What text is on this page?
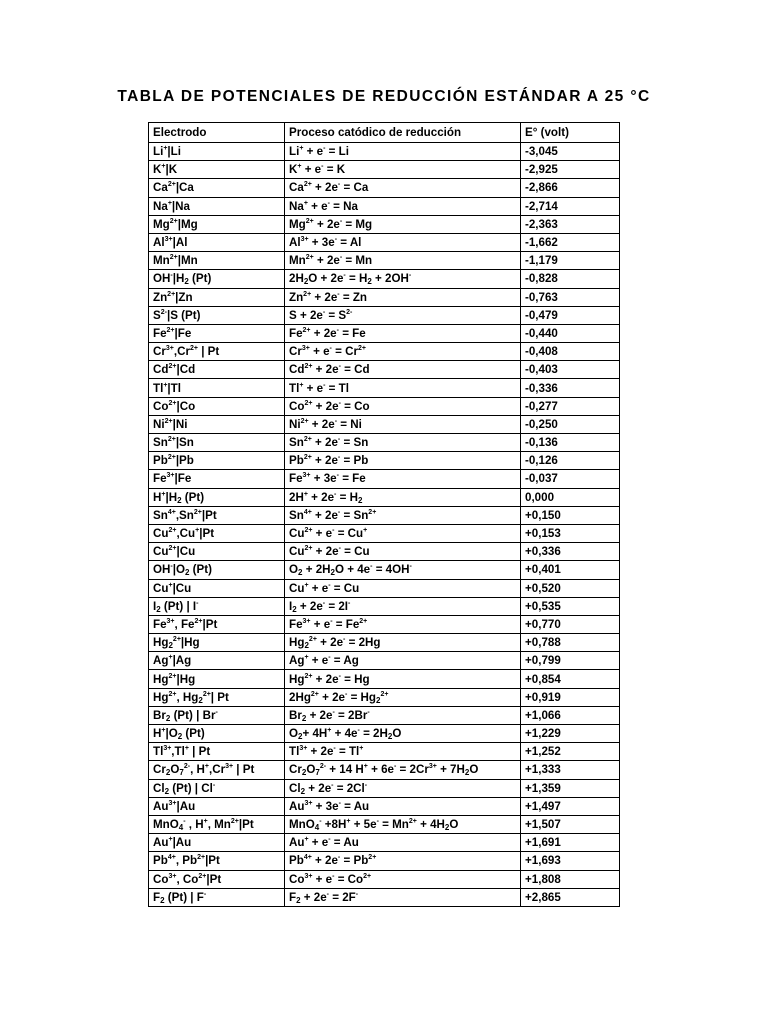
TABLA DE POTENCIALES DE REDUCCIÓN ESTÁNDAR A 25 °C
Electrodo	Proceso catódico de reducción	E° (volt)
Li+|Li	Li+ + e- = Li	-3,045
K+|K	K+ + e- = K	-2,925
$Ca^{2+}|Ca$	$Ca^{2+} + 2e^- = Ca$	-2,866
Na+|Na	Na+ + e- = Na	-2,714
$Mg^{2+}|Mg$	$Mg^{2+} + 2e^- = Mg$	-2,363
$Al^{3+}|Al$	$Al^{3+} + 3e^- = Al$	-1,662
$Mn^{2+}|Mn$	$Mn^{2+} + 2e^- = Mn$	-1,179
$OH^-|H_2$ (Pt)	$2H_2O + 2e^- = H_2 + 2OH^-$	-0,828
$Zn^{2+}|Zn$	$Zn^{2+} + 2e^- = Zn$	-0,763
$S^{2-}|S$ (Pt)	$S + 2e^- = S^{2-}$	-0,479
$Fe^{2+}|Fe$	$Fe^{2+} + 2e^- = Fe$	-0,440
$Cr^{3+},Cr^{2+}$ | Pt	$Cr^{3+} + e^- = Cr^{2+}$	-0,408
$Cd^{2+}|Cd$	$Cd^{2+} + 2e^- = Cd$	-0,403
Tl+|Tl	Tl+ + e- = Tl	-0,336
$Co^{2+}|Co$	$Co^{2+} + 2e^- = Co$	-0,277
$Ni^{2+}|Ni$	$Ni^{2+} + 2e^- = Ni$	-0,250
$Sn^{2+}|Sn$	$Sn^{2+} + 2e^- = Sn$	-0,136
$Pb^{2+}|Pb$	$Pb^{2+} + 2e^- = Pb$	-0,126
$Fe^{3+}|Fe$	$Fe^{3+} + 3e^- = Fe$	-0,037
$H^+|H_2$ (Pt)	$2H^+ + 2e^- = H_2$	0,000
$Sn^{4+},Sn^{2+}|Pt$	$Sn^{4+} + 2e^- = Sn^{2+}$	+0,150
$Cu^{2+},Cu^+|Pt$	$Cu^{2+} + e^- = Cu^+$	+0,153
$Cu^{2+}|Cu$	$Cu^{2+} + 2e^- = Cu$	+0,336
$OH^-|O_2$ (Pt)	$O_2 + 2H_2O + 4e^- = 4OH^-$	+0,401
Cu+|Cu	Cu+ + e- = Cu	+0,520
$I_2$ (Pt) | I-	$I_2 + 2e^- = 2I^-$	+0,535
$Fe^{3+}$, $Fe^{2+}|Pt$	$Fe^{3+} + e^- = Fe^{2+}$	+0,770
$Hg_2^{2+}|Hg$	$Hg_2^{2+} + 2e^- = 2Hg$	+0,788
Ag+|Ag	Ag+ + e- = Ag	+0,799
$Hg^{2+}|Hg$	$Hg^{2+} + 2e^- = Hg$	+0,854
$Hg^{2+}$, $Hg_2^{2+}|$ Pt	$2Hg^{2+} + 2e^- = Hg_2^{2+}$	+0,919
$Br_2$ (Pt) | Br-	$Br_2 + 2e^- = 2Br^-$	+1,066
$H^+|O_2$ (Pt)	$O_2+ 4H^+ + 4e^- = 2H_2O$	+1,229
$Tl^{3+},Tl^+$ | Pt	$Tl^{3+} + 2e^- = Tl^+$	+1,252
$Cr_2O_7^{2-}$, $H^+,Cr^{3+}$ | Pt	$Cr_2O_7^{2-} + 14$ $H^+ + 6e^- = 2Cr^{3+} + 7H_2O$	+1,333
$Cl_2$ (Pt) | Cl-	$Cl_2 + 2e^- = 2Cl^-$	+1,359
$Au^{3+}|Au$	$Au^{3+} + 3e^- = Au$	+1,497
MnO$_4$- , H+, $Mn^{2+}|Pt$	$MnO_4^- +8H^+ + 5e^- = Mn^{2+} + 4H_2O$	+1,507
Au+|Au	Au+ + e- = Au	+1,691
$Pb^{4+}$, $Pb^{2+}|Pt$	$Pb^{4+} + 2e^- = Pb^{2+}$	+1,693
$Co^{3+}$, $Co^{2+}|Pt$	$Co^{3+} + e^- = Co^{2+}$	+1,808
$F_2$ (Pt) | F-	$F_2 + 2e^- = 2F^-$	+2,865
